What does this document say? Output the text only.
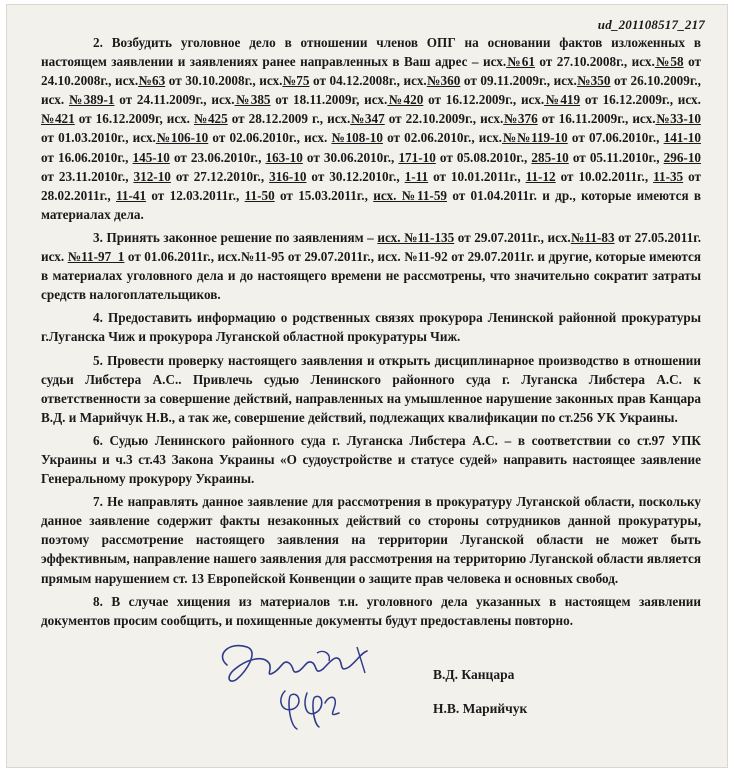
ud_201108517_217

2. Возбудить уголовное дело в отношении членов ОПГ на основании фактов изложенных в настоящем заявлении и заявлениях ранее направленных в Ваш адрес – исх.№61 от 27.10.2008г., исх.№58 от 24.10.2008г., исх.№63 от 30.10.2008г., исх.№75 от 04.12.2008г., исх.№360 от 09.11.2009г., исх.№350 от 26.10.2009г., исх. №389-1 от 24.11.2009г., исх.№385 от 18.11.2009г, исх.№420 от 16.12.2009г., исх.№419 от 16.12.2009г., исх. №421 от 16.12.2009г, исх. №425 от 28.12.2009 г., исх.№347 от 22.10.2009г., исх.№376 от 16.11.2009г., исх.№33-10 от 01.03.2010г., исх.№106-10 от 02.06.2010г., исх. №108-10 от 02.06.2010г., исх.№№119-10 от 07.06.2010г., 141-10 от 16.06.2010г., 145-10 от 23.06.2010г., 163-10 от 30.06.2010г., 171-10 от 05.08.2010г., 285-10 от 05.11.2010г., 296-10 от 23.11.2010г., 312-10 от 27.12.2010г., 316-10 от 30.12.2010г., 1-11 от 10.01.2011г., 11-12 от 10.02.2011г., 11-35 от 28.02.2011г., 11-41 от 12.03.2011г., 11-50 от 15.03.2011г., исх. №11-59 от 01.04.2011г. и др., которые имеются в материалах дела.

3. Принять законное решение по заявлениям – исх. №11-135 от 29.07.2011г., исх.№11-83 от 27.05.2011г. исх. №11-97_1 от 01.06.2011г., исх.№11-95 от 29.07.2011г., исх. №11-92 от 29.07.2011г. и другие, которые имеются в материалах уголовного дела и до настоящего времени не рассмотрены, что значительно сократит затраты средств налогоплательщиков.

4. Предоставить информацию о родственных связях прокурора Ленинской районной прокуратуры г.Луганска Чиж и прокурора Луганской областной прокуратуры Чиж.

5. Провести проверку настоящего заявления и открыть дисциплинарное производство в отношении судьи Либстера А.С.. Привлечь судью Ленинского районного суда г. Луганска Либстера А.С. к ответственности за совершение действий, направленных на умышленное нарушение законных прав Канцара В.Д. и Марийчук Н.В., а так же, совершение действий, подлежащих квалификации по ст.256 УК Украины.

6. Судью Ленинского районного суда г. Луганска Либстера А.С. – в соответствии со ст.97 УПК Украины и ч.3 ст.43 Закона Украины «О судоустройстве и статусе судей» направить настоящее заявление Генеральному прокурору Украины.

7. Не направлять данное заявление для рассмотрения в прокуратуру Луганской области, поскольку данное заявление содержит факты незаконных действий со стороны сотрудников данной прокуратуры, поэтому рассмотрение настоящего заявления на территории Луганской области не может быть эффективным, направление нашего заявления для рассмотрения на территорию Луганской области является прямым нарушением ст. 13 Европейской Конвенции о защите прав человека и основных свобод.

8. В случае хищения из материалов т.н. уголовного дела указанных в настоящем заявлении документов просим сообщить, и похищенные документы будут предоставлены повторно.

В.Д. Канцара
Н.В. Марийчук
